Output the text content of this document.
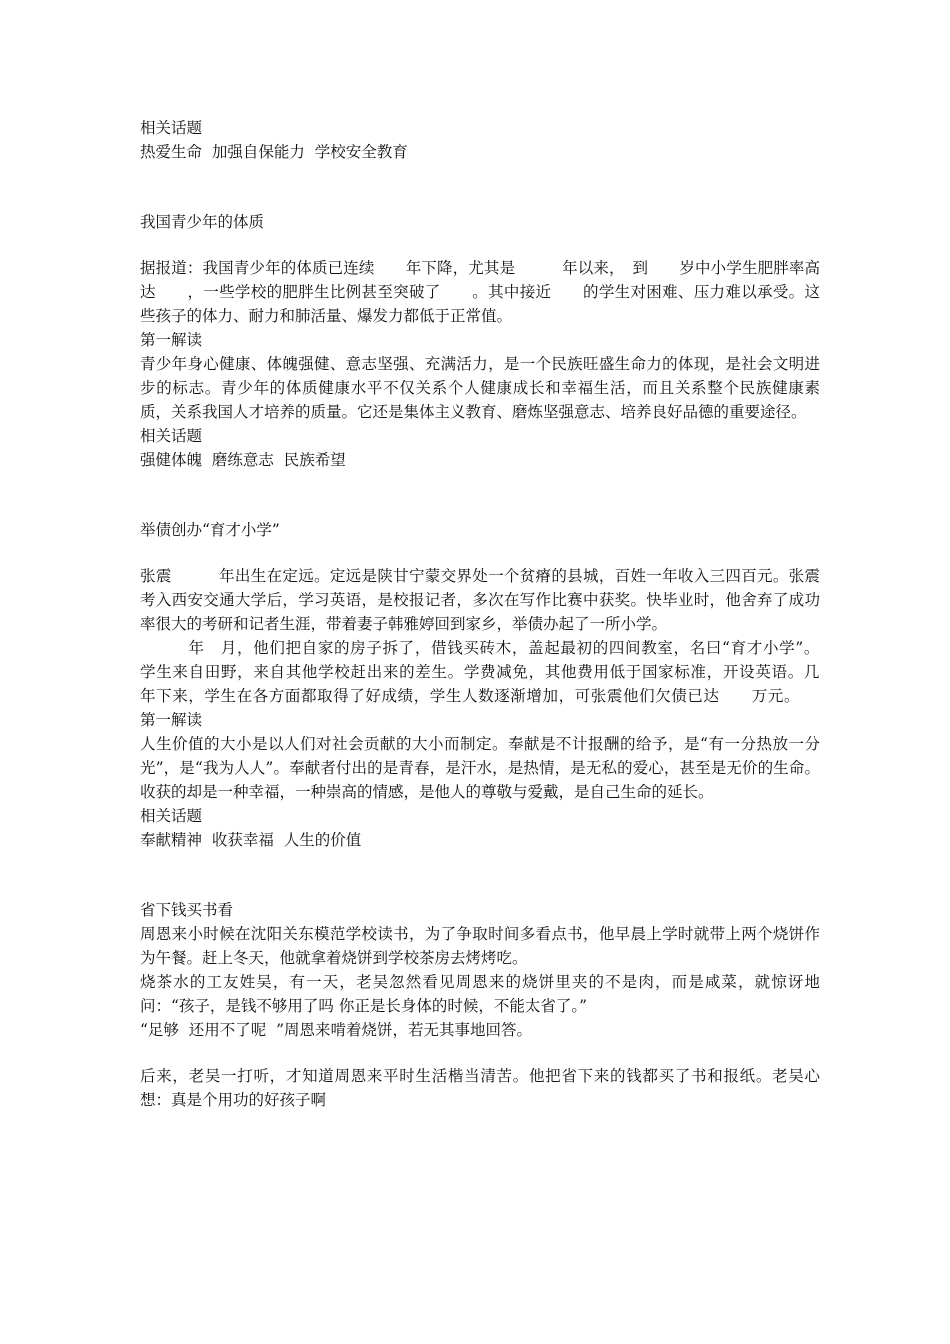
相关话题

热爱生命  加强自保能力  学校安全教育

我国青少年的体质

据报道：我国青少年的体质已连续　　年下降，尤其是　　　年以来，　到　　岁中小学生肥胖率高达　　，一些学校的肥胖生比例甚至突破了　　。其中接近　　的学生对困难、压力难以承受。这些孩子的体力、耐力和肺活量、爆发力都低于正常值。

第一解读

青少年身心健康、体魄强健、意志坚强、充满活力，是一个民族旺盛生命力的体现，是社会文明进步的标志。青少年的体质健康水平不仅关系个人健康成长和幸福生活，而且关系整个民族健康素质，关系我国人才培养的质量。它还是集体主义教育、磨炼坚强意志、培养良好品德的重要途径。

相关话题

强健体魄  磨练意志  民族希望

举债创办“育才小学”

张震　　　年出生在定远。定远是陕甘宁蒙交界处一个贫瘠的县城，百姓一年收入三四百元。张震考入西安交通大学后，学习英语，是校报记者，多次在写作比赛中获奖。快毕业时，他舍弃了成功率很大的考研和记者生涯，带着妻子韩雅婷回到家乡，举债办起了一所小学。

　　　年　月，他们把自家的房子拆了，借钱买砖木，盖起最初的四间教室，名曰“育才小学”。学生来自田野，来自其他学校赶出来的差生。学费减免，其他费用低于国家标准，开设英语。几年下来，学生在各方面都取得了好成绩，学生人数逐渐增加，可张震他们欠债已达　　万元。

第一解读

人生价值的大小是以人们对社会贡献的大小而制定。奉献是不计报酬的给予，是“有一分热放一分光”，是“我为人人”。奉献者付出的是青春，是汗水，是热情，是无私的爱心，甚至是无价的生命。收获的却是一种幸福，一种崇高的情感，是他人的尊敬与爱戴，是自己生命的延长。

相关话题

奉献精神  收获幸福  人生的价值

省下钱买书看

周恩来小时候在沈阳关东模范学校读书，为了争取时间多看点书，他早晨上学时就带上两个烧饼作为午餐。赶上冬天，他就拿着烧饼到学校茶房去烤烤吃。

烧茶水的工友姓吴，有一天，老吴忽然看见周恩来的烧饼里夹的不是肉，而是咸菜，就惊讶地问：“孩子，是钱不够用了吗 你正是长身体的时候，不能太省了。”

“足够  还用不了呢  ”周恩来啃着烧饼，若无其事地回答。

后来，老吴一打听，才知道周恩来平时生活楷当清苦。他把省下来的钱都买了书和报纸。老吴心想：真是个用功的好孩子啊
